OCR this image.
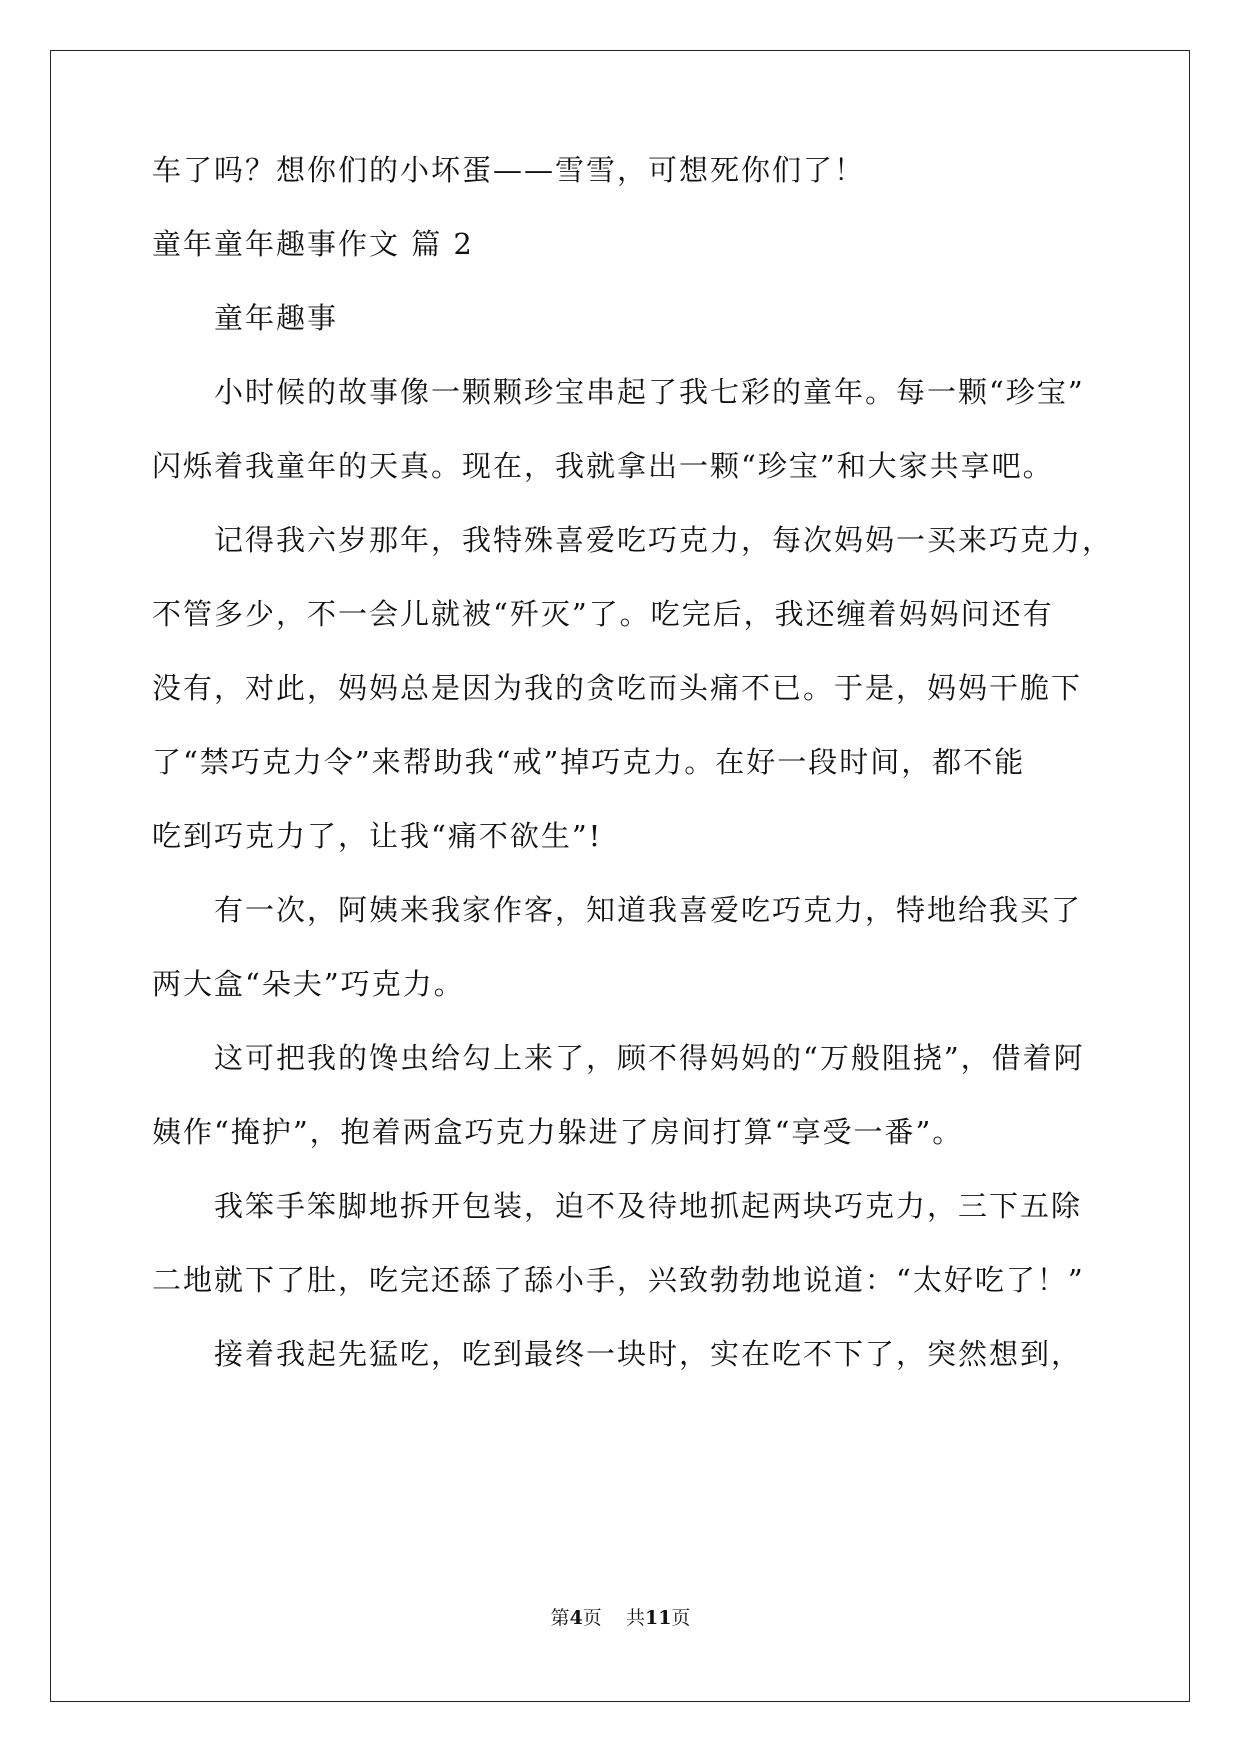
车了吗？想你们的小坏蛋——雪雪，可想死你们了！
童年童年趣事作文 篇 2
童年趣事
小时候的故事像一颗颗珍宝串起了我七彩的童年。每一颗“珍宝”
闪烁着我童年的天真。现在，我就拿出一颗“珍宝”和大家共享吧。
记得我六岁那年，我特殊喜爱吃巧克力，每次妈妈一买来巧克力，
不管多少，不一会儿就被“歼灭”了。吃完后，我还缠着妈妈问还有
没有，对此，妈妈总是因为我的贪吃而头痛不已。于是，妈妈干脆下
了“禁巧克力令”来帮助我“戒”掉巧克力。在好一段时间，都不能
吃到巧克力了，让我“痛不欲生”!
有一次，阿姨来我家作客，知道我喜爱吃巧克力，特地给我买了
两大盒“朵夫”巧克力。
这可把我的馋虫给勾上来了，顾不得妈妈的“万般阻挠”，借着阿
姨作“掩护”，抱着两盒巧克力躲进了房间打算“享受一番”。
我笨手笨脚地拆开包装，迫不及待地抓起两块巧克力，三下五除
二地就下了肚，吃完还舔了舔小手，兴致勃勃地说道：“太好吃了！”
接着我起先猛吃，吃到最终一块时，实在吃不下了，突然想到，
第4页    共11页
